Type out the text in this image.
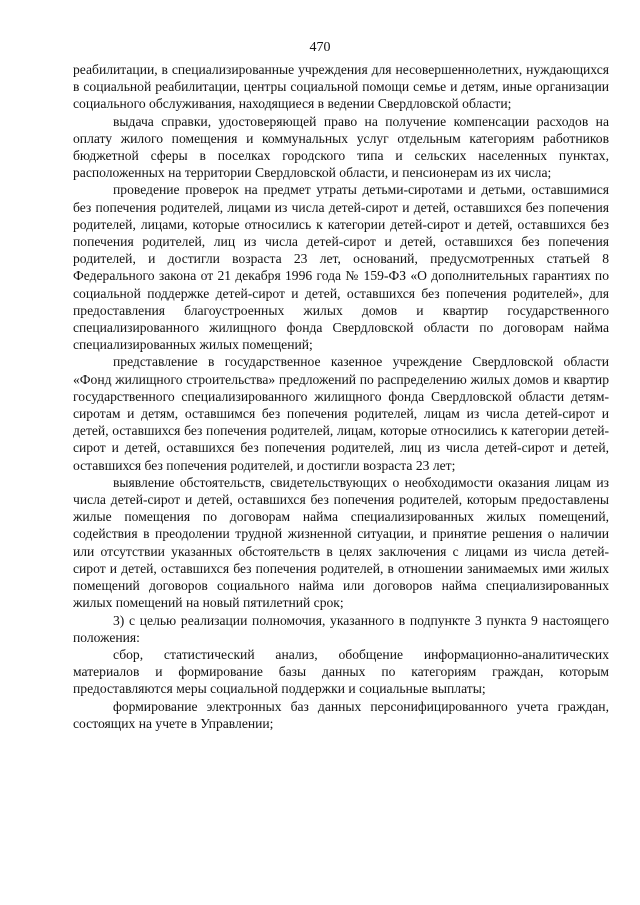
470

реабилитации, в специализированные учреждения для несовершеннолетних, нуждающихся в социальной реабилитации, центры социальной помощи семье и детям, иные организации социального обслуживания, находящиеся в ведении Свердловской области;

выдача справки, удостоверяющей право на получение компенсации расходов на оплату жилого помещения и коммунальных услуг отдельным категориям работников бюджетной сферы в поселках городского типа и сельских населенных пунктах, расположенных на территории Свердловской области, и пенсионерам из их числа;

проведение проверок на предмет утраты детьми-сиротами и детьми, оставшимися без попечения родителей, лицами из числа детей-сирот и детей, оставшихся без попечения родителей, лицами, которые относились к категории детей-сирот и детей, оставшихся без попечения родителей, лиц из числа детей-сирот и детей, оставшихся без попечения родителей, и достигли возраста 23 лет, оснований, предусмотренных статьей 8 Федерального закона от 21 декабря 1996 года № 159-ФЗ «О дополнительных гарантиях по социальной поддержке детей-сирот и детей, оставшихся без попечения родителей», для предоставления благоустроенных жилых домов и квартир государственного специализированного жилищного фонда Свердловской области по договорам найма специализированных жилых помещений;

представление в государственное казенное учреждение Свердловской области «Фонд жилищного строительства» предложений по распределению жилых домов и квартир государственного специализированного жилищного фонда Свердловской области детям-сиротам и детям, оставшимся без попечения родителей, лицам из числа детей-сирот и детей, оставшихся без попечения родителей, лицам, которые относились к категории детей-сирот и детей, оставшихся без попечения родителей, лиц из числа детей-сирот и детей, оставшихся без попечения родителей, и достигли возраста 23 лет;

выявление обстоятельств, свидетельствующих о необходимости оказания лицам из числа детей-сирот и детей, оставшихся без попечения родителей, которым предоставлены жилые помещения по договорам найма специализированных жилых помещений, содействия в преодолении трудной жизненной ситуации, и принятие решения о наличии или отсутствии указанных обстоятельств в целях заключения с лицами из числа детей-сирот и детей, оставшихся без попечения родителей, в отношении занимаемых ими жилых помещений договоров социального найма или договоров найма специализированных жилых помещений на новый пятилетний срок;

3) с целью реализации полномочия, указанного в подпункте 3 пункта 9 настоящего положения:

сбор, статистический анализ, обобщение информационно-аналитических материалов и формирование базы данных по категориям граждан, которым предоставляются меры социальной поддержки и социальные выплаты;

формирование электронных баз данных персонифицированного учета граждан, состоящих на учете в Управлении;
